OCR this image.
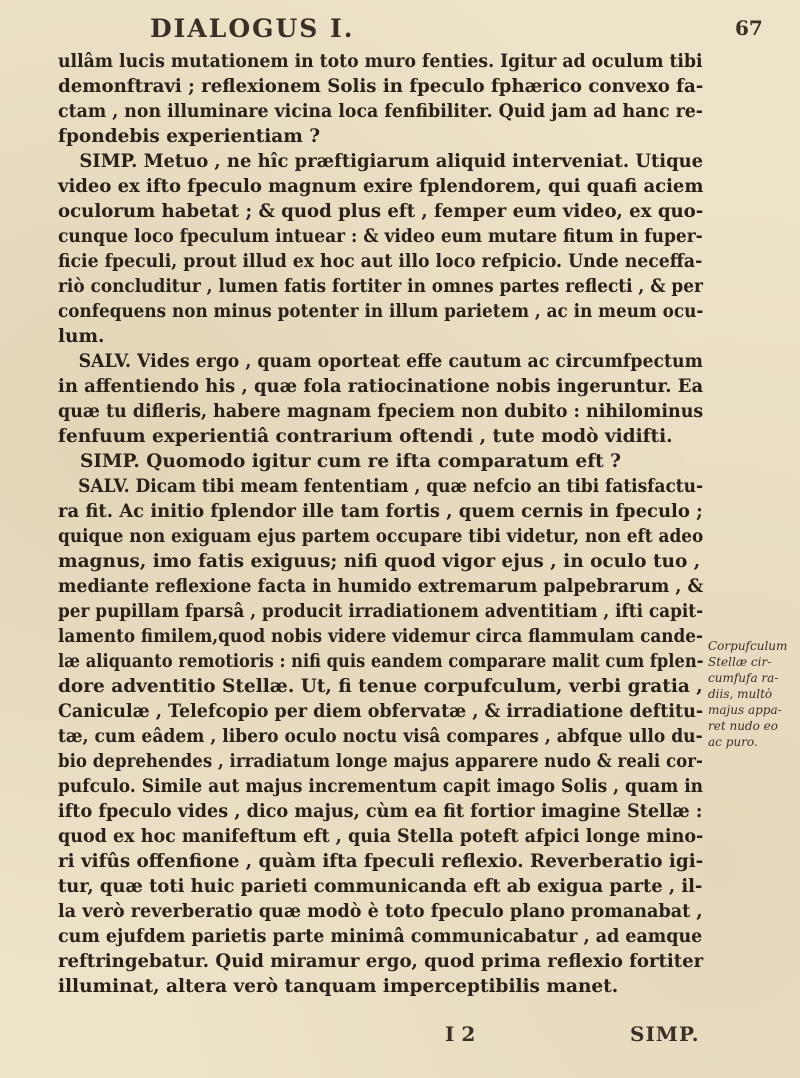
DIALOGUS I.	67
ullâm lucis mutationem in toto muro fenties. Igitur ad oculum tibi
demonftravi ; reflexionem Solis in fpeculo fphærico convexo fa-
ctam , non illuminare vicina loca fenfibiliter. Quid jam ad hanc re-
fpondebis experientiam ?
SIMP. Metuo , ne hîc præftigiarum aliquid interveniat. Utique
video ex ifto fpeculo magnum exire fplendorem, qui quafi aciem
oculorum habetat ; & quod plus eft , femper eum video, ex quo-
cunque loco fpeculum intuear : & video eum mutare fitum in fuper-
ficie fpeculi, prout illud ex hoc aut illo loco refpicio. Unde neceffa-
riò concluditur , lumen fatis fortiter in omnes partes reflecti , & per
confequens non minus potenter in illum parietem , ac in meum ocu-
lum.
SALV. Vides ergo , quam oporteat effe cautum ac circumfpectum
in affentiendo his , quæ fola ratiocinatione nobis ingeruntur. Ea
quæ tu difleris, habere magnam fpeciem non dubito : nihilominus
fenfuum experientiâ contrarium oftendi , tute modò vidifti.
SIMP. Quomodo igitur cum re ifta comparatum eft ?
SALV. Dicam tibi meam fententiam , quæ nefcio an tibi fatisfactu-
ra fit. Ac initio fplendor ille tam fortis , quem cernis in fpeculo ;
quique non exiguam ejus partem occupare tibi videtur, non eft adeo
magnus, imo fatis exiguus; nifi quod vigor ejus , in oculo tuo ,
mediante reflexione facta in humido extremarum palpebrarum , &
per pupillam fparsâ , producit irradiationem adventitiam , ifti capit-
lamento fimilem,quod nobis videre videmur circa flammulam cande-
læ aliquanto remotioris : nifi quis eandem comparare malit cum fplen-
dore adventitio Stellæ. Ut, fi tenue corpufculum, verbi gratia ,
Caniculæ , Telefcopio per diem obfervatæ , & irradiatione deftitu-
tæ, cum eâdem , libero oculo noctu visâ compares , abfque ullo du-
bio deprehendes , irradiatum longe majus apparere nudo & reali cor-
pufculo. Simile aut majus incrementum capit imago Solis , quam in
ifto fpeculo vides , dico majus, cùm ea fit fortior imagine Stellæ :
quod ex hoc manifeftum eft , quia Stella poteft afpici longe mino-
ri vifûs offenfione , quàm ifta fpeculi reflexio. Reverberatio igi-
tur, quæ toti huic parieti communicanda eft ab exigua parte , il-
la verò reverberatio quæ modò è toto fpeculo plano promanabat ,
cum ejufdem parietis parte minimâ communicabatur , ad eamque
reftringebatur. Quid miramur ergo, quod prima reflexio fortiter
illuminat, altera verò tanquam imperceptibilis manet.
Corpufculum
Stellæ cir-
cumfufa ra-
diis, multò
majus appa-
ret nudo eo
ac puro.
I 2	SIMP.
